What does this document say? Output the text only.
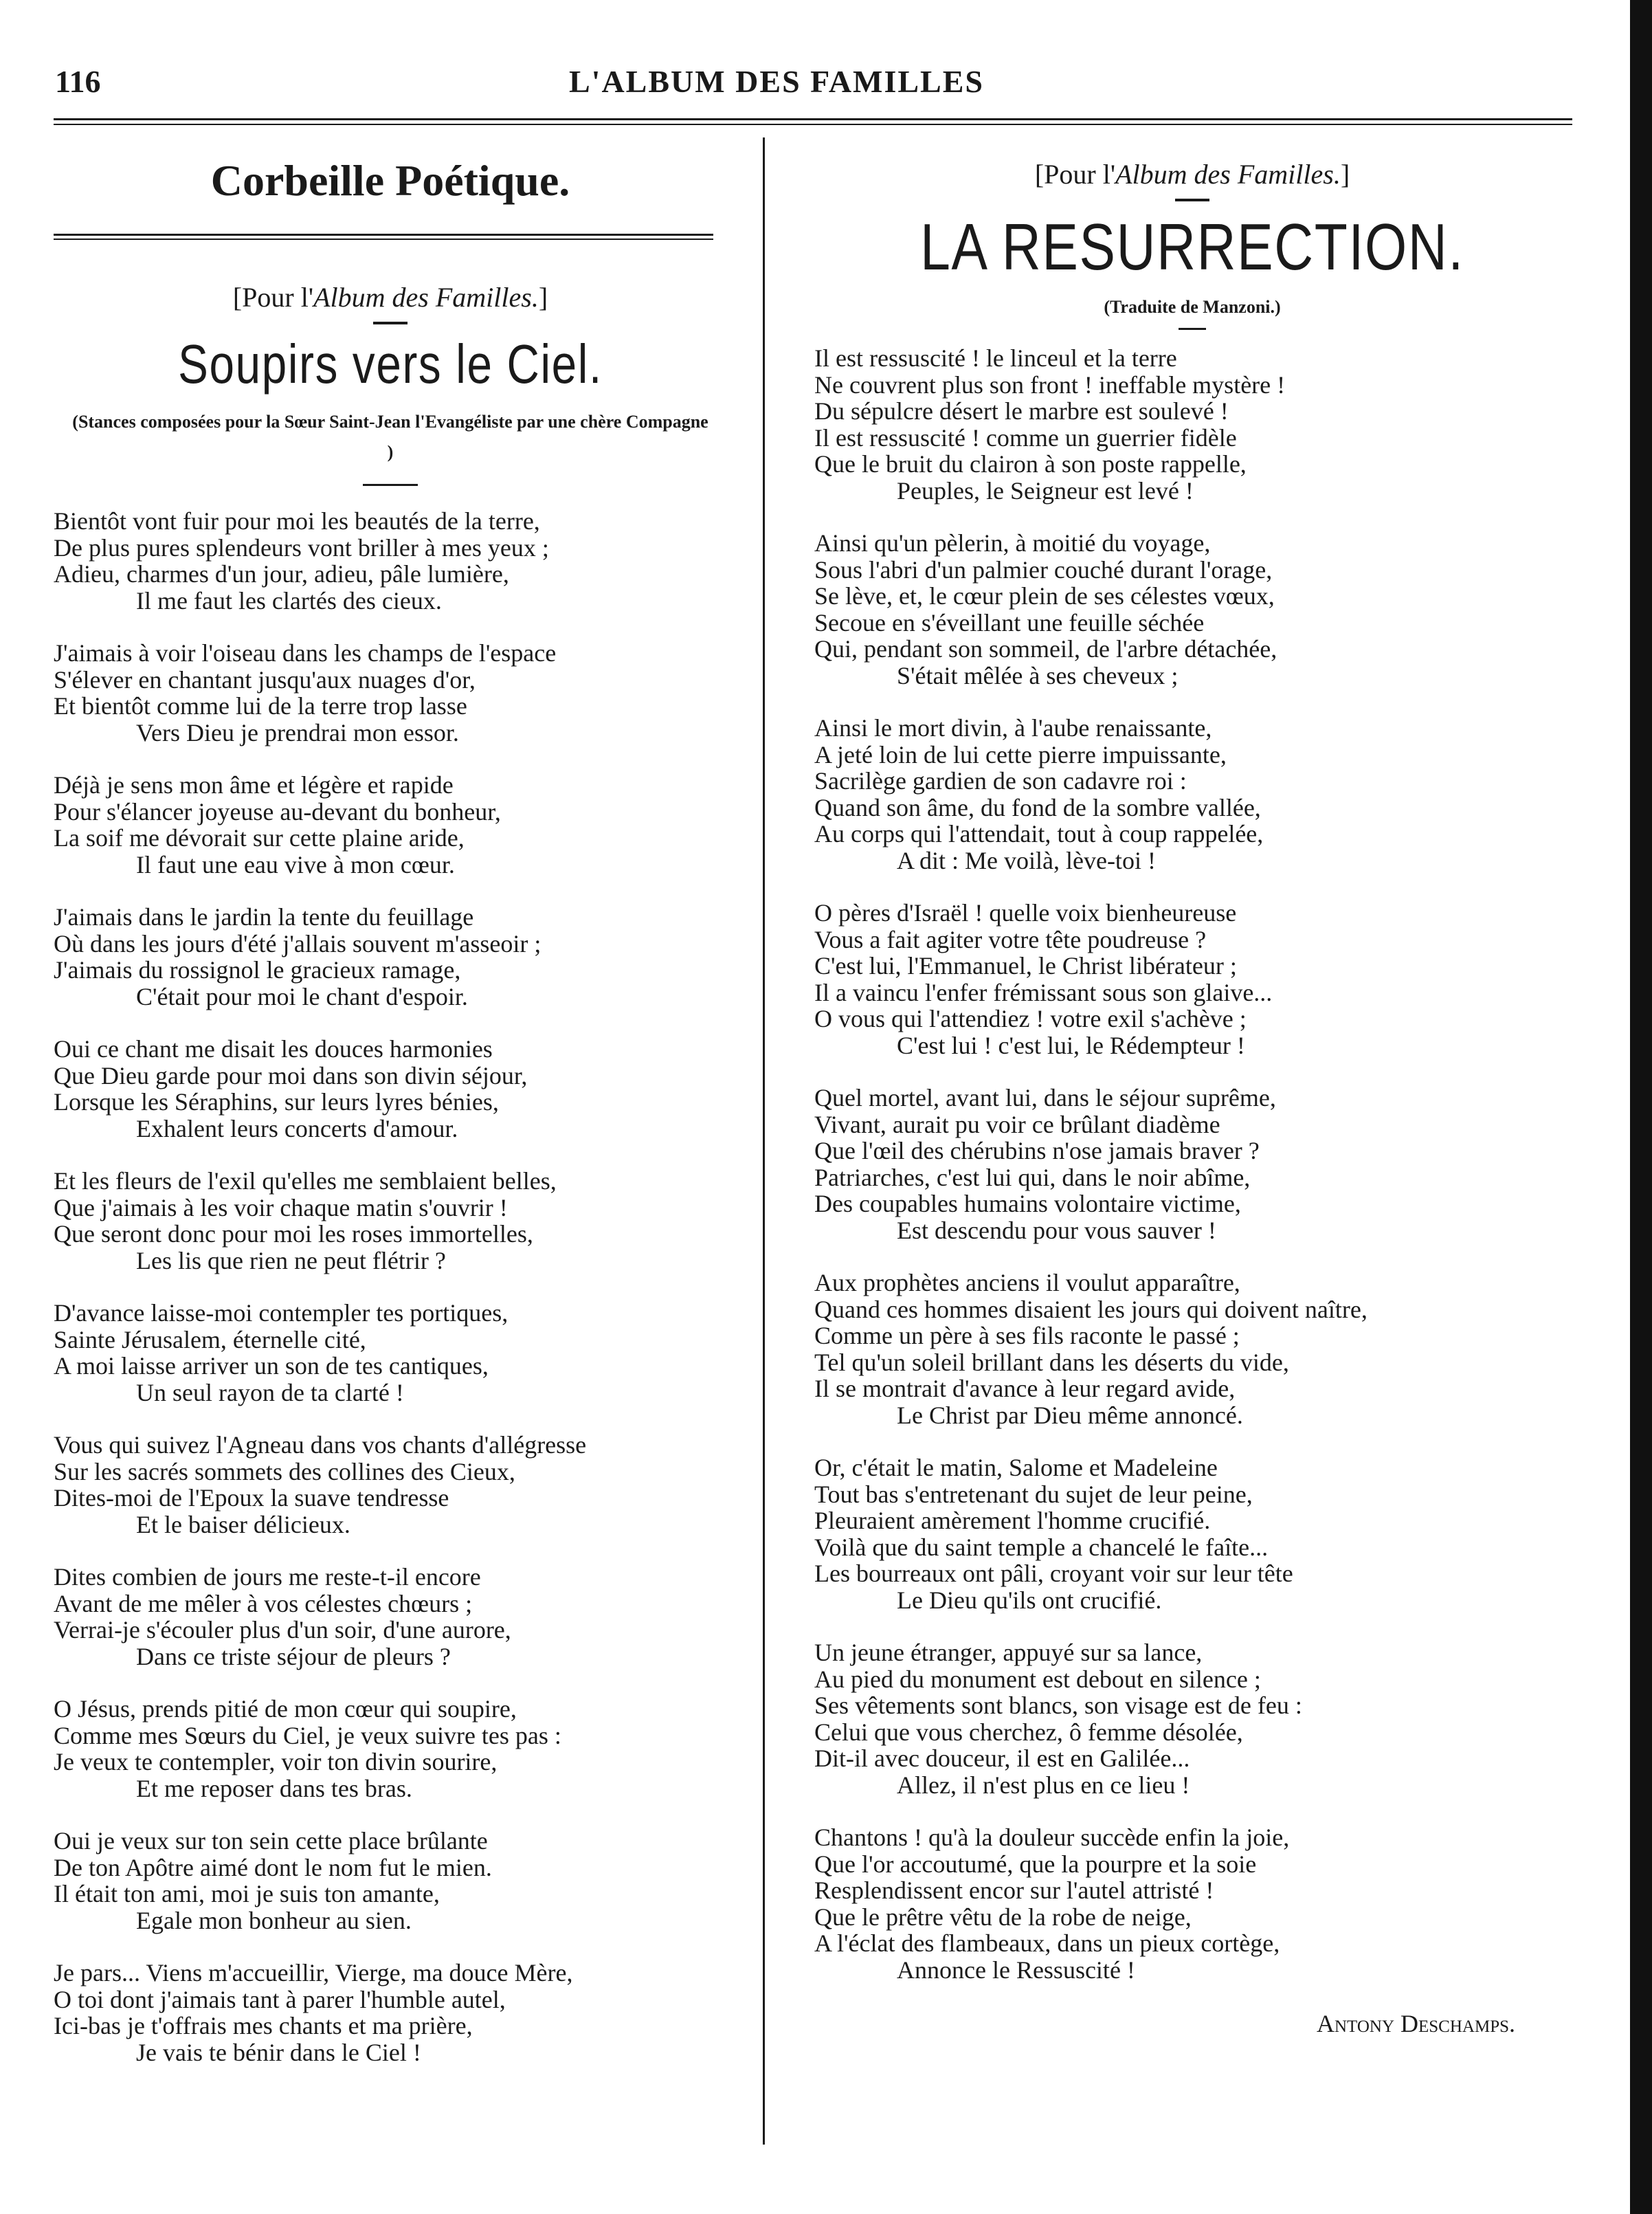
116	L'ALBUM DES FAMILLES
Corbeille Poétique.

[Pour l'Album des Familles.]

Soupirs vers le Ciel.

(Stances composées pour la Sœur Saint-Jean l'Evangéliste par une chère Compagne )

Bientôt vont fuir pour moi les beautés de la terre,
De plus pures splendeurs vont briller à mes yeux ;
Adieu, charmes d'un jour, adieu, pâle lumière,
Il me faut les clartés des cieux.
J'aimais à voir l'oiseau dans les champs de l'espace
S'élever en chantant jusqu'aux nuages d'or,
Et bientôt comme lui de la terre trop lasse
Vers Dieu je prendrai mon essor.
Déjà je sens mon âme et légère et rapide
Pour s'élancer joyeuse au-devant du bonheur,
La soif me dévorait sur cette plaine aride,
Il faut une eau vive à mon cœur.
J'aimais dans le jardin la tente du feuillage
Où dans les jours d'été j'allais souvent m'asseoir ;
J'aimais du rossignol le gracieux ramage,
C'était pour moi le chant d'espoir.
Oui ce chant me disait les douces harmonies
Que Dieu garde pour moi dans son divin séjour,
Lorsque les Séraphins, sur leurs lyres bénies,
Exhalent leurs concerts d'amour.
Et les fleurs de l'exil qu'elles me semblaient belles,
Que j'aimais à les voir chaque matin s'ouvrir !
Que seront donc pour moi les roses immortelles,
Les lis que rien ne peut flétrir ?
D'avance laisse-moi contempler tes portiques,
Sainte Jérusalem, éternelle cité,
A moi laisse arriver un son de tes cantiques,
Un seul rayon de ta clarté !
Vous qui suivez l'Agneau dans vos chants d'allégresse
Sur les sacrés sommets des collines des Cieux,
Dites-moi de l'Epoux la suave tendresse
Et le baiser délicieux.
Dites combien de jours me reste-t-il encore
Avant de me mêler à vos célestes chœurs ;
Verrai-je s'écouler plus d'un soir, d'une aurore,
Dans ce triste séjour de pleurs ?
O Jésus, prends pitié de mon cœur qui soupire,
Comme mes Sœurs du Ciel, je veux suivre tes pas :
Je veux te contempler, voir ton divin sourire,
Et me reposer dans tes bras.
Oui je veux sur ton sein cette place brûlante
De ton Apôtre aimé dont le nom fut le mien.
Il était ton ami, moi je suis ton amante,
Egale mon bonheur au sien.
Je pars... Viens m'accueillir, Vierge, ma douce Mère,
O toi dont j'aimais tant à parer l'humble autel,
Ici-bas je t'offrais mes chants et ma prière,
Je vais te bénir dans le Ciel !

[Pour l'Album des Familles.]

LA RESURRECTION.

(Traduite de Manzoni.)

Il est ressuscité ! le linceul et la terre
Ne couvrent plus son front ! ineffable mystère !
Du sépulcre désert le marbre est soulevé !
Il est ressuscité ! comme un guerrier fidèle
Que le bruit du clairon à son poste rappelle,
Peuples, le Seigneur est levé !
Ainsi qu'un pèlerin, à moitié du voyage,
Sous l'abri d'un palmier couché durant l'orage,
Se lève, et, le cœur plein de ses célestes vœux,
Secoue en s'éveillant une feuille séchée
Qui, pendant son sommeil, de l'arbre détachée,
S'était mêlée à ses cheveux ;
Ainsi le mort divin, à l'aube renaissante,
A jeté loin de lui cette pierre impuissante,
Sacrilège gardien de son cadavre roi :
Quand son âme, du fond de la sombre vallée,
Au corps qui l'attendait, tout à coup rappelée,
A dit : Me voilà, lève-toi !
O pères d'Israël ! quelle voix bienheureuse
Vous a fait agiter votre tête poudreuse ?
C'est lui, l'Emmanuel, le Christ libérateur ;
Il a vaincu l'enfer frémissant sous son glaive...
O vous qui l'attendiez ! votre exil s'achève ;
C'est lui ! c'est lui, le Rédempteur !
Quel mortel, avant lui, dans le séjour suprême,
Vivant, aurait pu voir ce brûlant diadème
Que l'œil des chérubins n'ose jamais braver ?
Patriarches, c'est lui qui, dans le noir abîme,
Des coupables humains volontaire victime,
Est descendu pour vous sauver !
Aux prophètes anciens il voulut apparaître,
Quand ces hommes disaient les jours qui doivent naître,
Comme un père à ses fils raconte le passé ;
Tel qu'un soleil brillant dans les déserts du vide,
Il se montrait d'avance à leur regard avide,
Le Christ par Dieu même annoncé.
Or, c'était le matin, Salome et Madeleine
Tout bas s'entretenant du sujet de leur peine,
Pleuraient amèrement l'homme crucifié.
Voilà que du saint temple a chancelé le faîte...
Les bourreaux ont pâli, croyant voir sur leur tête
Le Dieu qu'ils ont crucifié.
Un jeune étranger, appuyé sur sa lance,
Au pied du monument est debout en silence ;
Ses vêtements sont blancs, son visage est de feu :
Celui que vous cherchez, ô femme désolée,
Dit-il avec douceur, il est en Galilée...
Allez, il n'est plus en ce lieu !
Chantons ! qu'à la douleur succède enfin la joie,
Que l'or accoutumé, que la pourpre et la soie
Resplendissent encor sur l'autel attristé !
Que le prêtre vêtu de la robe de neige,
A l'éclat des flambeaux, dans un pieux cortège,
Annonce le Ressuscité !
Antony Deschamps.
